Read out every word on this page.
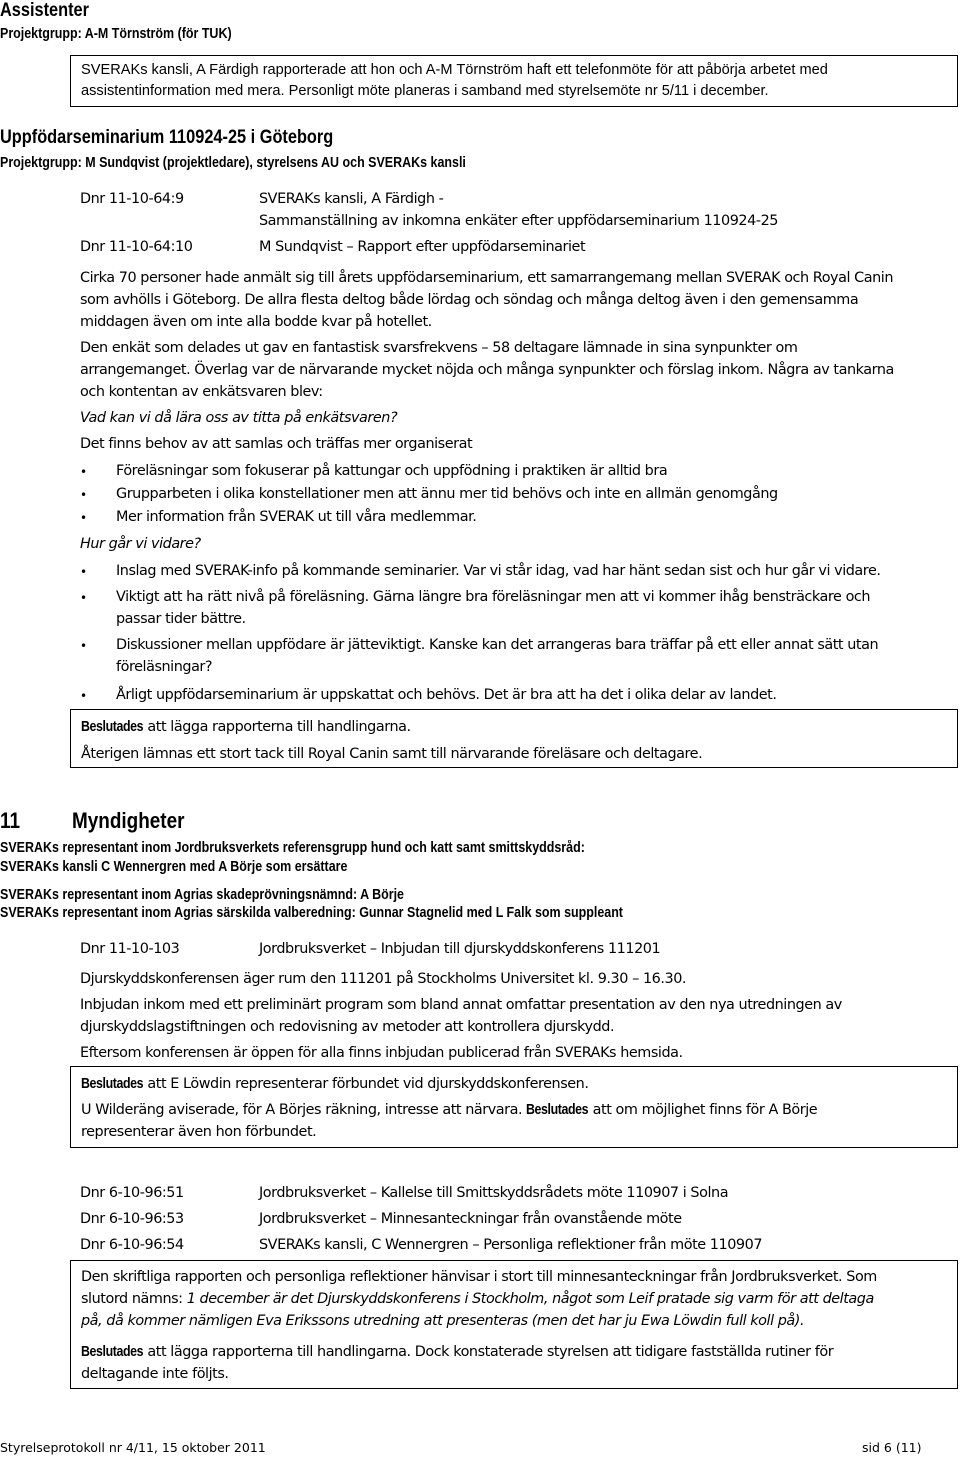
Assistenter
Projektgrupp: A-M Törnström (för TUK)
SVERAKs kansli, A Färdigh rapporterade att hon och A-M Törnström haft ett telefonmöte för att påbörja arbetet med
assistentinformation med mera. Personligt möte planeras i samband med styrelsemöte nr 5/11 i december.
Uppfödarseminarium 110924-25 i Göteborg
Projektgrupp: M Sundqvist (projektledare), styrelsens AU och SVERAKs kansli
Dnr 11-10-64:9	SVERAKs kansli, A Färdigh -
Sammanställning av inkomna enkäter efter uppfödarseminarium 110924-25
Dnr 11-10-64:10	M Sundqvist – Rapport efter uppfödarseminariet
Cirka 70 personer hade anmält sig till årets uppfödarseminarium, ett samarrangemang mellan SVERAK och Royal Canin
som avhölls i Göteborg. De allra flesta deltog både lördag och söndag och många deltog även i den gemensamma
middagen även om inte alla bodde kvar på hotellet.
Den enkät som delades ut gav en fantastisk svarsfrekvens – 58 deltagare lämnade in sina synpunkter om
arrangemanget. Överlag var de närvarande mycket nöjda och många synpunkter och förslag inkom. Några av tankarna
och kontentan av enkätsvaren blev:
Vad kan vi då lära oss av titta på enkätsvaren?
Det finns behov av att samlas och träffas mer organiserat
• Föreläsningar som fokuserar på kattungar och uppfödning i praktiken är alltid bra
• Grupparbeten i olika konstellationer men att ännu mer tid behövs och inte en allmän genomgång
• Mer information från SVERAK ut till våra medlemmar.
Hur går vi vidare?
• Inslag med SVERAK-info på kommande seminarier. Var vi står idag, vad har hänt sedan sist och hur går vi vidare.
• Viktigt att ha rätt nivå på föreläsning. Gärna längre bra föreläsningar men att vi kommer ihåg bensträckare och
passar tider bättre.
• Diskussioner mellan uppfödare är jätteviktigt. Kanske kan det arrangeras bara träffar på ett eller annat sätt utan
föreläsningar?
• Årligt uppfödarseminarium är uppskattat och behövs. Det är bra att ha det i olika delar av landet.
Beslutades att lägga rapporterna till handlingarna.
Återigen lämnas ett stort tack till Royal Canin samt till närvarande föreläsare och deltagare.
11 Myndigheter
SVERAKs representant inom Jordbruksverkets referensgrupp hund och katt samt smittskyddsråd:
SVERAKs kansli C Wennergren med A Börje som ersättare
SVERAKs representant inom Agrias skadeprövningsnämnd: A Börje
SVERAKs representant inom Agrias särskilda valberedning: Gunnar Stagnelid med L Falk som suppleant
Dnr 11-10-103	Jordbruksverket – Inbjudan till djurskyddskonferens 111201
Djurskyddskonferensen äger rum den 111201 på Stockholms Universitet kl. 9.30 – 16.30.
Inbjudan inkom med ett preliminärt program som bland annat omfattar presentation av den nya utredningen av
djurskyddslagstiftningen och redovisning av metoder att kontrollera djurskydd.
Eftersom konferensen är öppen för alla finns inbjudan publicerad från SVERAKs hemsida.
Beslutades att E Löwdin representerar förbundet vid djurskyddskonferensen.
U Wilderäng aviserade, för A Börjes räkning, intresse att närvara. Beslutades att om möjlighet finns för A Börje
representerar även hon förbundet.
Dnr 6-10-96:51	Jordbruksverket – Kallelse till Smittskyddsrådets möte 110907 i Solna
Dnr 6-10-96:53	Jordbruksverket – Minnesanteckningar från ovanstående möte
Dnr 6-10-96:54	SVERAKs kansli, C Wennergren – Personliga reflektioner från möte 110907
Den skriftliga rapporten och personliga reflektioner hänvisar i stort till minnesanteckningar från Jordbruksverket. Som
slutord nämns: 1 december är det Djurskyddskonferens i Stockholm, något som Leif pratade sig varm för att deltaga
på, då kommer nämligen Eva Erikssons utredning att presenteras (men det har ju Ewa Löwdin full koll på).
Beslutades att lägga rapporterna till handlingarna. Dock konstaterade styrelsen att tidigare fastställda rutiner för
deltagande inte följts.
Styrelseprotokoll nr 4/11, 15 oktober 2011	sid 6 (11)
